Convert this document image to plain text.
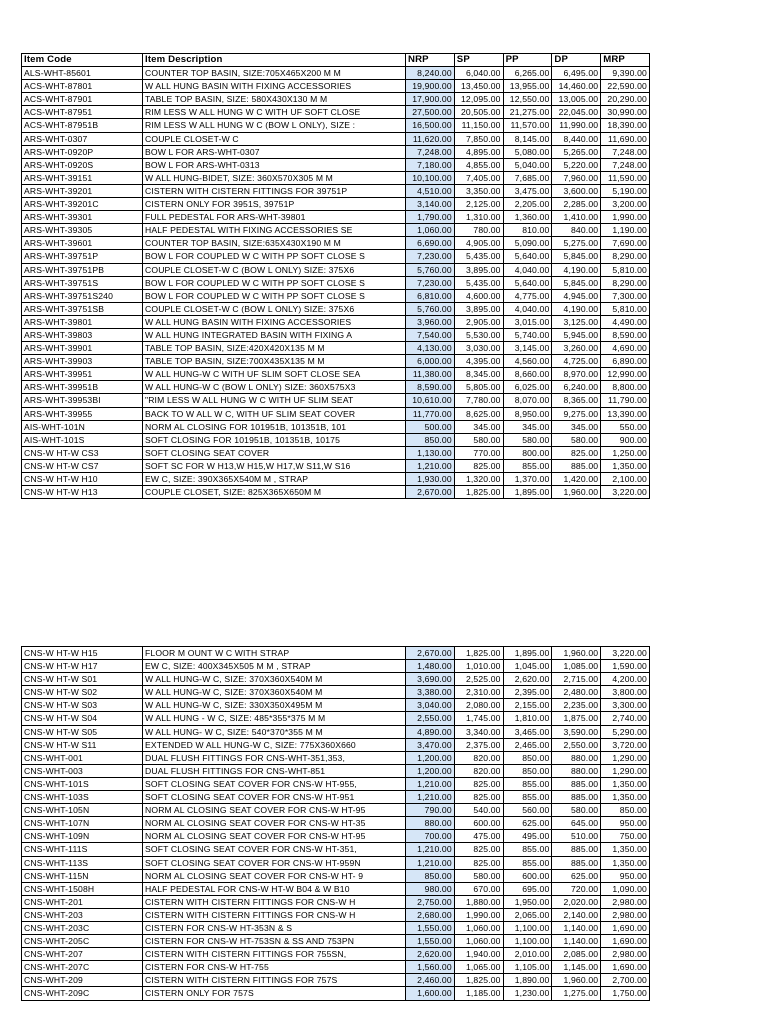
Item Code	Item Description	NRP	SP	PP	DP	MRP
ALS-WHT-85601	COUNTER TOP BASIN, SIZE:705X465X200 M M	8,240.00	6,040.00	6,265.00	6,495.00	9,390.00
ACS-WHT-87801	W ALL HUNG BASIN WITH FIXING ACCESSORIES	19,900.00	13,450.00	13,955.00	14,460.00	22,590.00
ACS-WHT-87901	TABLE TOP BASIN, SIZE: 580X430X130 M M	17,900.00	12,095.00	12,550.00	13,005.00	20,290.00
ACS-WHT-87951	RIM LESS W ALL HUNG W C WITH UF SOFT CLOSE	27,500.00	20,505.00	21,275.00	22,045.00	30,990.00
ACS-WHT-87951B	RIM LESS W ALL HUNG W C (BOW L ONLY), SIZE :	16,500.00	11,150.00	11,570.00	11,990.00	18,390.00
ARS-WHT-0307	COUPLE CLOSET-W C	11,620.00	7,850.00	8,145.00	8,440.00	11,690.00
ARS-WHT-0920P	BOW L FOR ARS-WHT-0307	7,248.00	4,895.00	5,080.00	5,265.00	7,248.00
ARS-WHT-0920S	BOW L FOR ARS-WHT-0313	7,180.00	4,855.00	5,040.00	5,220.00	7,248.00
ARS-WHT-39151	W ALL HUNG-BIDET, SIZE: 360X570X305 M M	10,100.00	7,405.00	7,685.00	7,960.00	11,590.00
ARS-WHT-39201	CISTERN WITH CISTERN FITTINGS FOR 39751P	4,510.00	3,350.00	3,475.00	3,600.00	5,190.00
ARS-WHT-39201C	CISTERN ONLY FOR 3951S, 39751P	3,140.00	2,125.00	2,205.00	2,285.00	3,200.00
ARS-WHT-39301	FULL PEDESTAL FOR ARS-WHT-39801	1,790.00	1,310.00	1,360.00	1,410.00	1,990.00
ARS-WHT-39305	HALF PEDESTAL WITH FIXING ACCESSORIES SE	1,060.00	780.00	810.00	840.00	1,190.00
ARS-WHT-39601	COUNTER TOP BASIN, SIZE:635X430X190 M M	6,690.00	4,905.00	5,090.00	5,275.00	7,690.00
ARS-WHT-39751P	BOW L FOR COUPLED W C WITH PP SOFT CLOSE S	7,230.00	5,435.00	5,640.00	5,845.00	8,290.00
ARS-WHT-39751PB	COUPLE CLOSET-W C (BOW L ONLY) SIZE: 375X6	5,760.00	3,895.00	4,040.00	4,190.00	5,810.00
ARS-WHT-39751S	BOW L FOR COUPLED W C WITH PP SOFT CLOSE S	7,230.00	5,435.00	5,640.00	5,845.00	8,290.00
ARS-WHT-39751S240	BOW L FOR COUPLED W C WITH PP SOFT CLOSE S	6,810.00	4,600.00	4,775.00	4,945.00	7,300.00
ARS-WHT-39751SB	COUPLE CLOSET-W C (BOW L ONLY) SIZE: 375X6	5,760.00	3,895.00	4,040.00	4,190.00	5,810.00
ARS-WHT-39801	W ALL HUNG BASIN WITH FIXING ACCESSORIES	3,960.00	2,905.00	3,015.00	3,125.00	4,490.00
ARS-WHT-39803	W ALL HUNG INTEGRATED BASIN WITH FIXING A	7,540.00	5,530.00	5,740.00	5,945.00	8,590.00
ARS-WHT-39901	TABLE TOP BASIN, SIZE:420X420X135 M M	4,130.00	3,030.00	3,145.00	3,260.00	4,690.00
ARS-WHT-39903	TABLE TOP BASIN, SIZE:700X435X135 M M	6,000.00	4,395.00	4,560.00	4,725.00	6,890.00
ARS-WHT-39951	W ALL HUNG-W C WITH UF SLIM SOFT CLOSE SEA	11,380.00	8,345.00	8,660.00	8,970.00	12,990.00
ARS-WHT-39951B	W ALL HUNG-W C (BOW L ONLY) SIZE: 360X575X3	8,590.00	5,805.00	6,025.00	6,240.00	8,800.00
ARS-WHT-39953BI	"RIM LESS W ALL HUNG W C WITH UF SLIM SEAT	10,610.00	7,780.00	8,070.00	8,365.00	11,790.00
ARS-WHT-39955	BACK TO W ALL W C, WITH UF SLIM SEAT COVER	11,770.00	8,625.00	8,950.00	9,275.00	13,390.00
AIS-WHT-101N	NORM AL CLOSING FOR 101951B, 101351B, 101	500.00	345.00	345.00	345.00	550.00
AIS-WHT-101S	SOFT CLOSING FOR 101951B, 101351B, 10175	850.00	580.00	580.00	580.00	900.00
CNS-W HT-W CS3	SOFT CLOSING SEAT COVER	1,130.00	770.00	800.00	825.00	1,250.00
CNS-W HT-W CS7	SOFT SC FOR W H13,W H15,W H17,W S11,W S16	1,210.00	825.00	855.00	885.00	1,350.00
CNS-W HT-W H10	EW C, SIZE: 390X365X540M M , STRAP	1,930.00	1,320.00	1,370.00	1,420.00	2,100.00
CNS-W HT-W H13	COUPLE CLOSET, SIZE: 825X365X650M M	2,670.00	1,825.00	1,895.00	1,960.00	3,220.00
CNS-W HT-W H15	FLOOR M OUNT W C WITH STRAP	2,670.00	1,825.00	1,895.00	1,960.00	3,220.00
CNS-W HT-W H17	EW C, SIZE: 400X345X505 M M , STRAP	1,480.00	1,010.00	1,045.00	1,085.00	1,590.00
CNS-W HT-W S01	W ALL HUNG-W C, SIZE: 370X360X540M M	3,690.00	2,525.00	2,620.00	2,715.00	4,200.00
CNS-W HT-W S02	W ALL HUNG-W C, SIZE: 370X360X540M M	3,380.00	2,310.00	2,395.00	2,480.00	3,800.00
CNS-W HT-W S03	W ALL HUNG-W C, SIZE: 330X350X495M M	3,040.00	2,080.00	2,155.00	2,235.00	3,300.00
CNS-W HT-W S04	W ALL HUNG - W C, SIZE: 485*355*375 M M	2,550.00	1,745.00	1,810.00	1,875.00	2,740.00
CNS-W HT-W S05	W ALL HUNG- W C, SIZE: 540*370*355 M M	4,890.00	3,340.00	3,465.00	3,590.00	5,290.00
CNS-W HT-W S11	EXTENDED W ALL HUNG-W C, SIZE: 775X360X660	3,470.00	2,375.00	2,465.00	2,550.00	3,720.00
CNS-WHT-001	DUAL FLUSH FITTINGS FOR CNS-WHT-351,353,	1,200.00	820.00	850.00	880.00	1,290.00
CNS-WHT-003	DUAL FLUSH FITTINGS FOR CNS-WHT-851	1,200.00	820.00	850.00	880.00	1,290.00
CNS-WHT-101S	SOFT CLOSING SEAT COVER FOR CNS-W HT-955,	1,210.00	825.00	855.00	885.00	1,350.00
CNS-WHT-103S	SOFT CLOSING SEAT COVER FOR CNS-W HT-951	1,210.00	825.00	855.00	885.00	1,350.00
CNS-WHT-105N	NORM AL CLOSING SEAT COVER FOR CNS-W HT-95	790.00	540.00	560.00	580.00	850.00
CNS-WHT-107N	NORM AL CLOSING SEAT COVER FOR CNS-W HT-35	880.00	600.00	625.00	645.00	950.00
CNS-WHT-109N	NORM AL CLOSING SEAT COVER FOR CNS-W HT-95	700.00	475.00	495.00	510.00	750.00
CNS-WHT-111S	SOFT CLOSING SEAT COVER FOR CNS-W HT-351,	1,210.00	825.00	855.00	885.00	1,350.00
CNS-WHT-113S	SOFT CLOSING SEAT COVER FOR CNS-W HT-959N	1,210.00	825.00	855.00	885.00	1,350.00
CNS-WHT-115N	NORM AL CLOSING SEAT COVER FOR CNS-W HT- 9	850.00	580.00	600.00	625.00	950.00
CNS-WHT-1508H	HALF PEDESTAL FOR CNS-W HT-W B04 & W B10	980.00	670.00	695.00	720.00	1,090.00
CNS-WHT-201	CISTERN WITH CISTERN FITTINGS FOR CNS-W H	2,750.00	1,880.00	1,950.00	2,020.00	2,980.00
CNS-WHT-203	CISTERN WITH CISTERN FITTINGS FOR CNS-W H	2,680.00	1,990.00	2,065.00	2,140.00	2,980.00
CNS-WHT-203C	CISTERN FOR CNS-W HT-353N & S	1,550.00	1,060.00	1,100.00	1,140.00	1,690.00
CNS-WHT-205C	CISTERN FOR CNS-W HT-753SN & SS AND 753PN	1,550.00	1,060.00	1,100.00	1,140.00	1,690.00
CNS-WHT-207	CISTERN WITH CISTERN FITTINGS FOR 755SN,	2,620.00	1,940.00	2,010.00	2,085.00	2,980.00
CNS-WHT-207C	CISTERN FOR CNS-W HT-755	1,560.00	1,065.00	1,105.00	1,145.00	1,690.00
CNS-WHT-209	CISTERN WITH CISTERN FITTINGS FOR 757S	2,460.00	1,825.00	1,890.00	1,960.00	2,700.00
CNS-WHT-209C	CISTERN ONLY FOR 757S	1,600.00	1,185.00	1,230.00	1,275.00	1,750.00
